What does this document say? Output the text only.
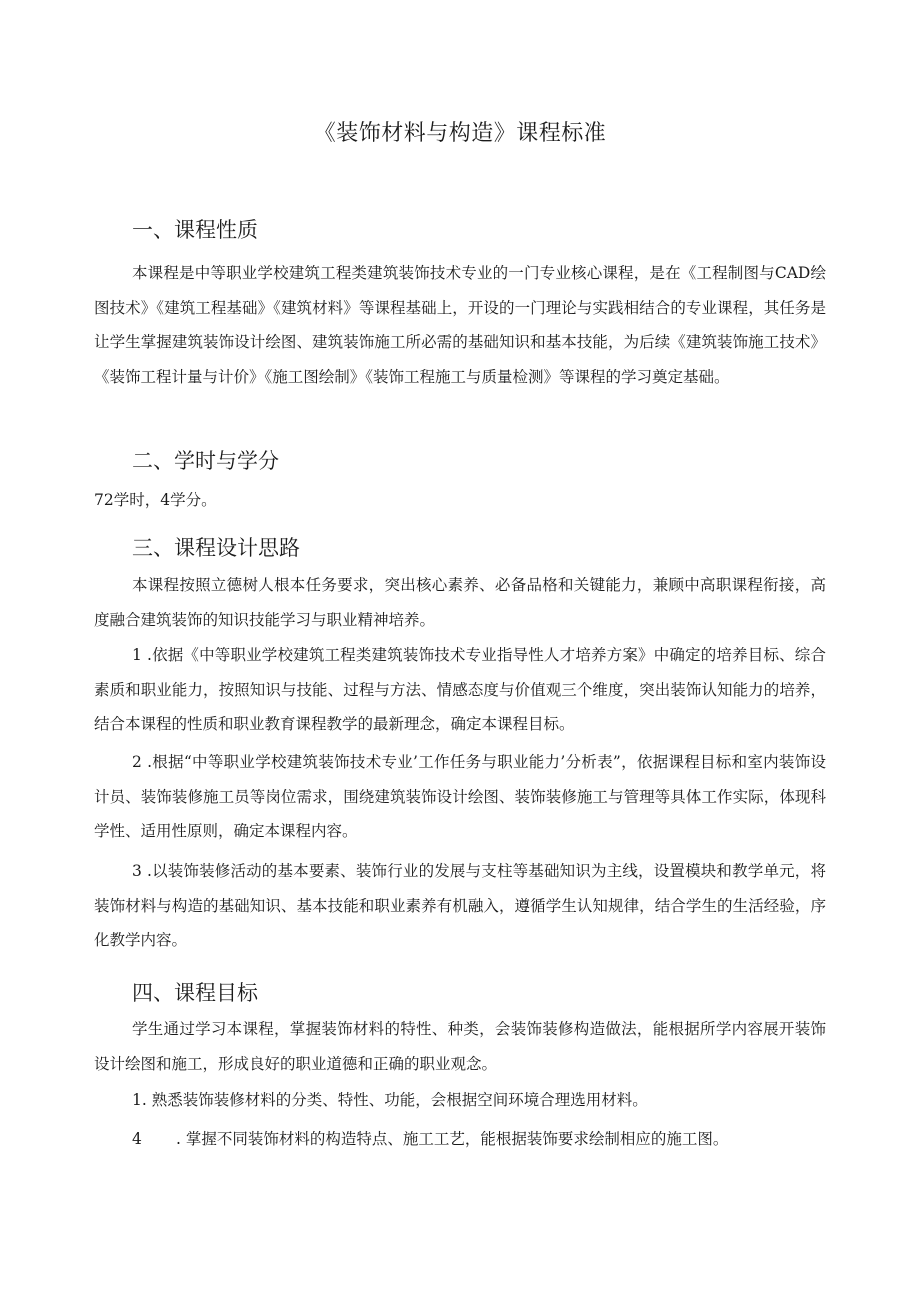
《装饰材料与构造》课程标准
一、课程性质

本课程是中等职业学校建筑工程类建筑装饰技术专业的一门专业核心课程，是在《工程制图与CAD绘图技术》《建筑工程基础》《建筑材料》等课程基础上，开设的一门理论与实践相结合的专业课程，其任务是让学生掌握建筑装饰设计绘图、建筑装饰施工所必需的基础知识和基本技能，为后续《建筑装饰施工技术》《装饰工程计量与计价》《施工图绘制》《装饰工程施工与质量检测》等课程的学习奠定基础。

二、学时与学分

72学时，4学分。

三、课程设计思路

本课程按照立德树人根本任务要求，突出核心素养、必备品格和关键能力，兼顾中高职课程衔接，高度融合建筑装饰的知识技能学习与职业精神培养。

1 .依据《中等职业学校建筑工程类建筑装饰技术专业指导性人才培养方案》中确定的培养目标、综合素质和职业能力，按照知识与技能、过程与方法、情感态度与价值观三个维度，突出装饰认知能力的培养，结合本课程的性质和职业教育课程教学的最新理念，确定本课程目标。

2 .根据“中等职业学校建筑装饰技术专业’工作任务与职业能力’分析表”，依据课程目标和室内装饰设计员、装饰装修施工员等岗位需求，围绕建筑装饰设计绘图、装饰装修施工与管理等具体工作实际，体现科学性、适用性原则，确定本课程内容。

3 .以装饰装修活动的基本要素、装饰行业的发展与支柱等基础知识为主线，设置模块和教学单元，将装饰材料与构造的基础知识、基本技能和职业素养有机融入，遵循学生认知规律，结合学生的生活经验，序化教学内容。

四、课程目标

学生通过学习本课程，掌握装饰材料的特性、种类，会装饰装修构造做法，能根据所学内容展开装饰设计绘图和施工，形成良好的职业道德和正确的职业观念。

1. 熟悉装饰装修材料的分类、特性、功能，会根据空间环境合理选用材料。

4 . 掌握不同装饰材料的构造特点、施工工艺，能根据装饰要求绘制相应的施工图。
